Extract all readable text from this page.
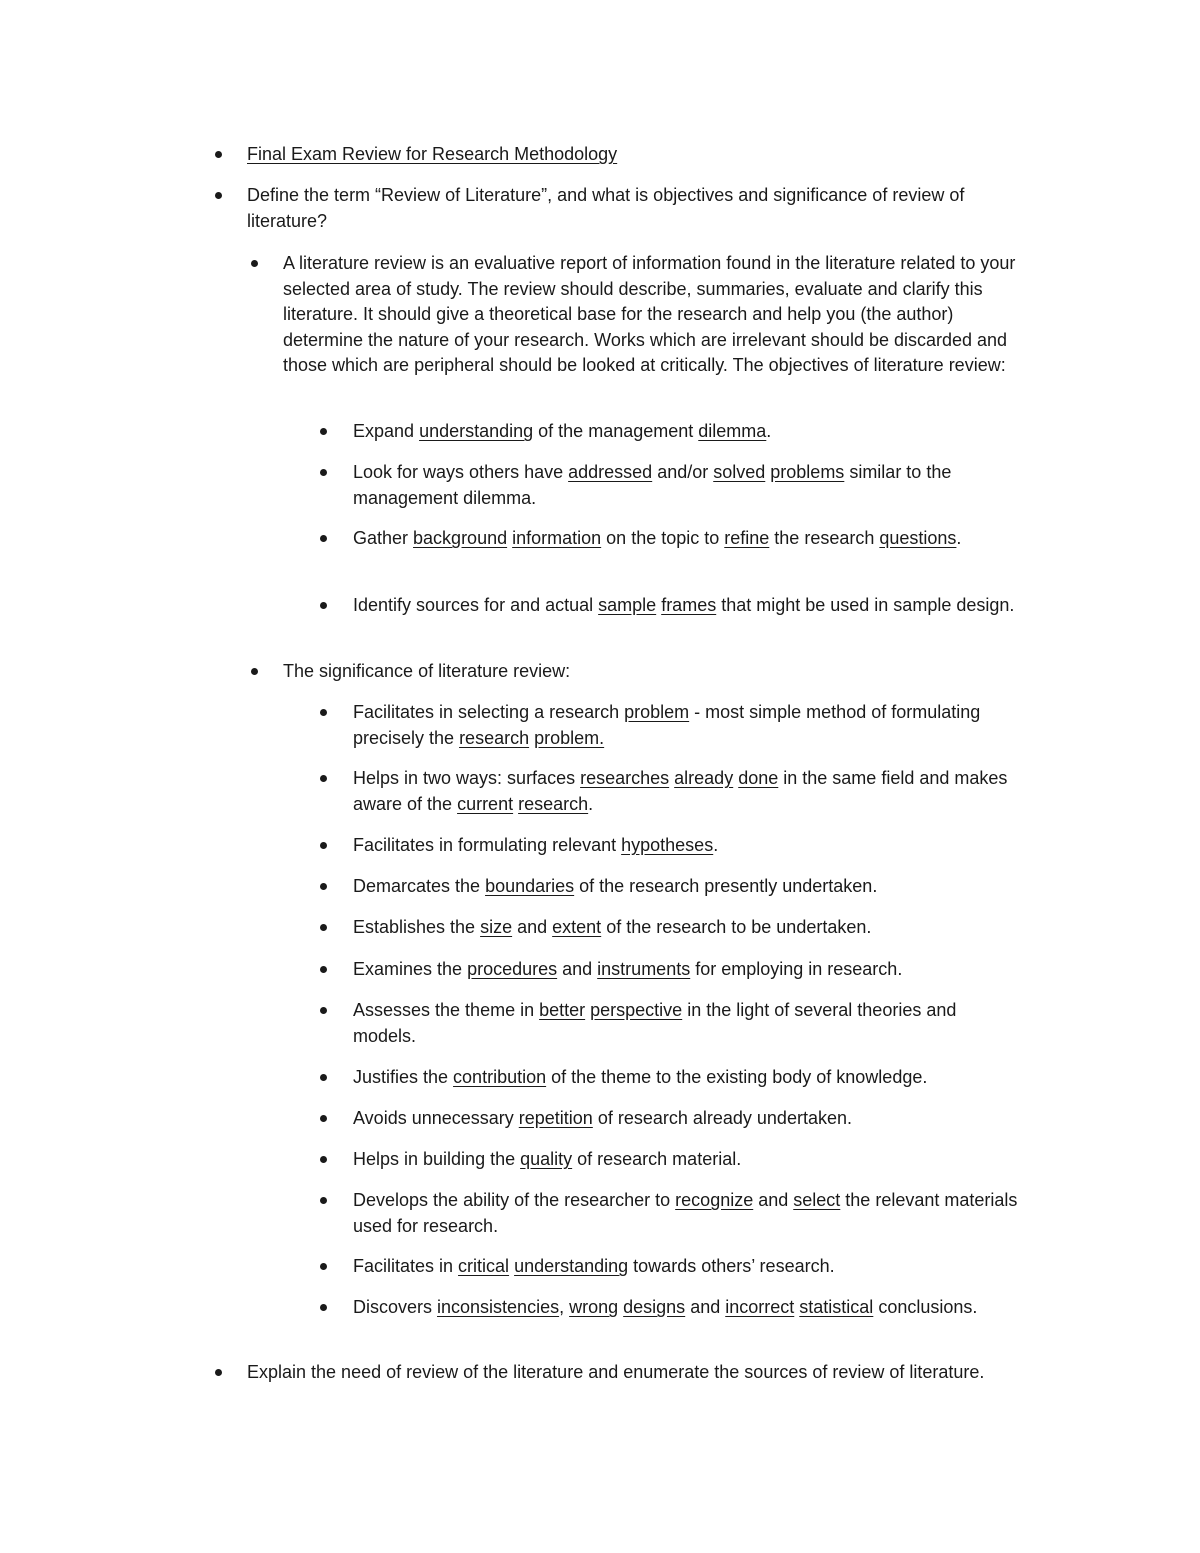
Final Exam Review for Research Methodology
Define the term “Review of Literature”, and what is objectives and significance of review of literature?
A literature review is an evaluative report of information found in the literature related to your selected area of study. The review should describe, summaries, evaluate and clarify this literature. It should give a theoretical base for the research and help you (the author) determine the nature of your research. Works which are irrelevant should be discarded and those which are peripheral should be looked at critically. The objectives of literature review:
Expand understanding of the management dilemma.
Look for ways others have addressed and/or solved problems similar to the management dilemma.
Gather background information on the topic to refine the research questions.
Identify sources for and actual sample frames that might be used in sample design.
The significance of literature review:
Facilitates in selecting a research problem - most simple method of formulating precisely the research problem.
Helps in two ways: surfaces researches already done in the same field and makes aware of the current research.
Facilitates in formulating relevant hypotheses.
Demarcates the boundaries of the research presently undertaken.
Establishes the size and extent of the research to be undertaken.
Examines the procedures and instruments for employing in research.
Assesses the theme in better perspective in the light of several theories and models.
Justifies the contribution of the theme to the existing body of knowledge.
Avoids unnecessary repetition of research already undertaken.
Helps in building the quality of research material.
Develops the ability of the researcher to recognize and select the relevant materials used for research.
Facilitates in critical understanding towards others’ research.
Discovers inconsistencies, wrong designs and incorrect statistical conclusions.
Explain the need of review of the literature and enumerate the sources of review of literature.
